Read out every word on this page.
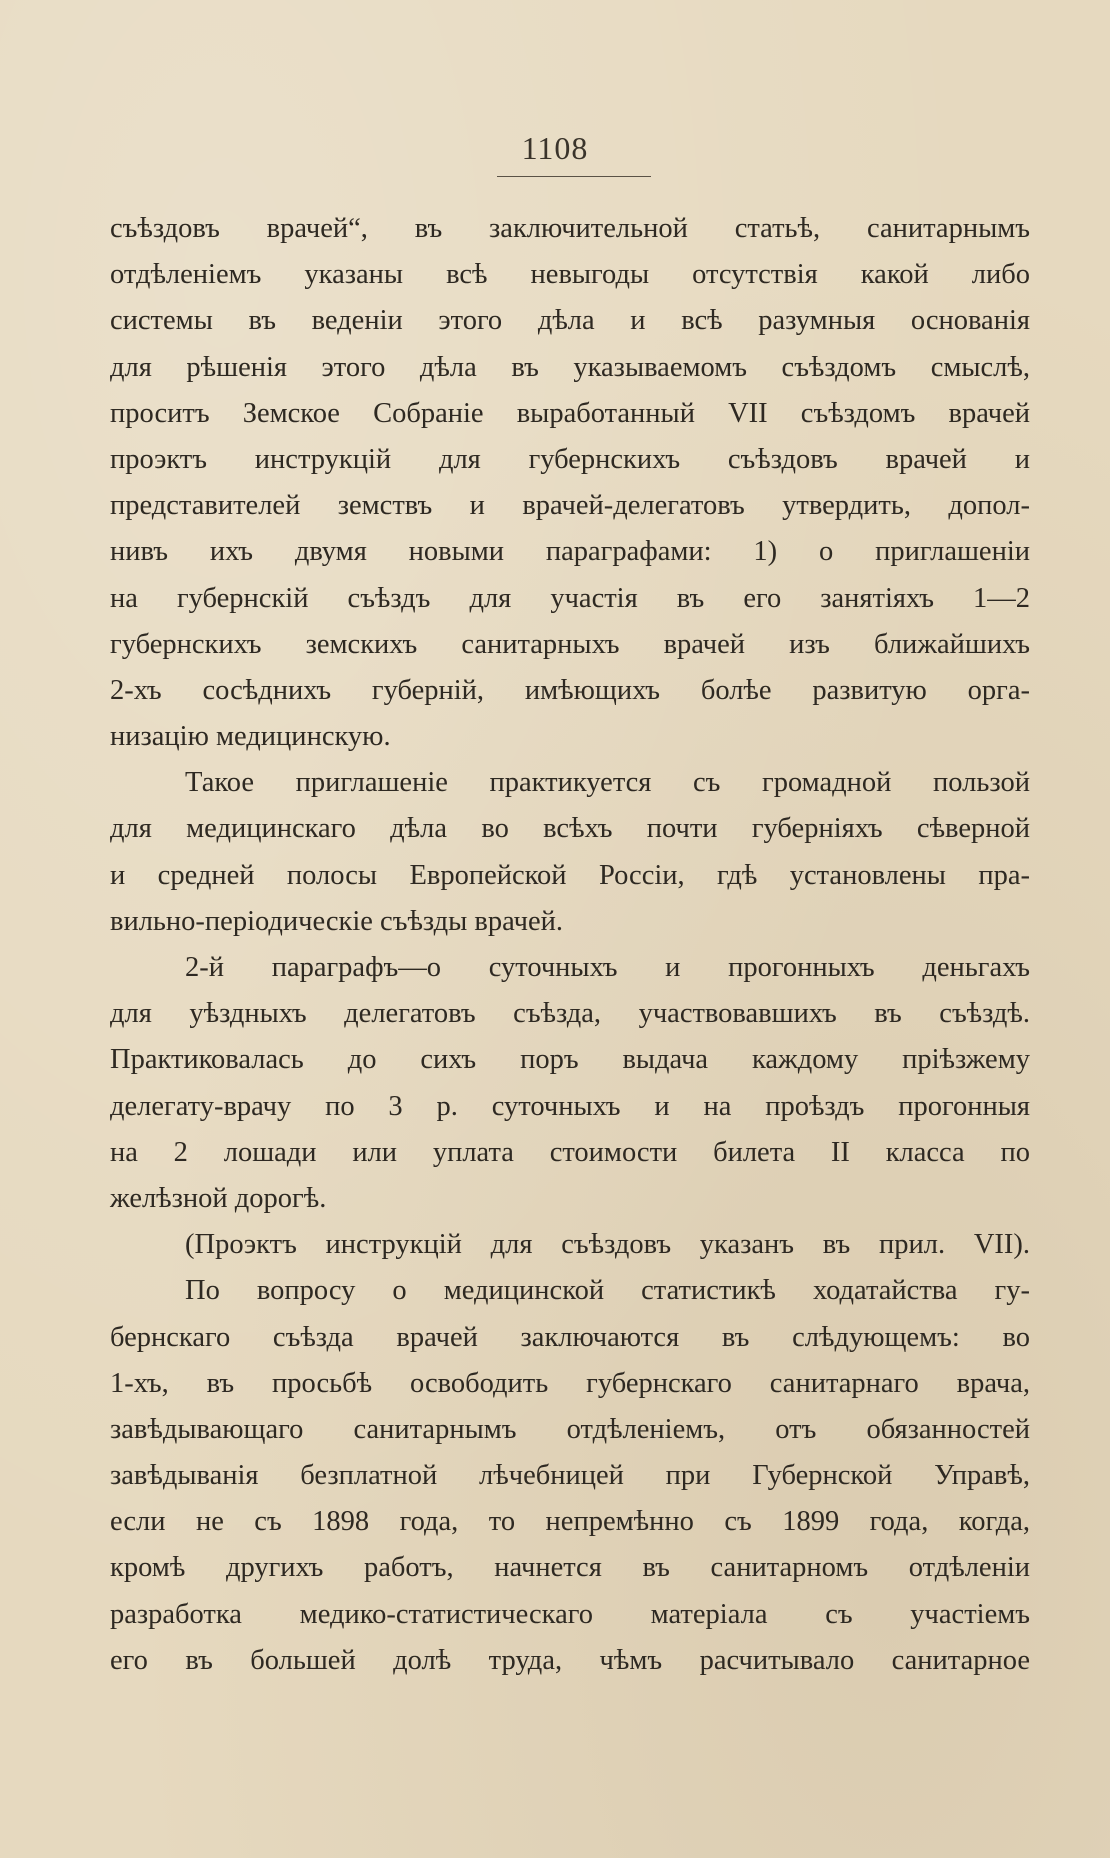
1108
съѣздовъ врачей“, въ заключительной статьѣ, санитарнымъ
отдѣленіемъ указаны всѣ невыгоды отсутствія какой либо
системы въ веденіи этого дѣла и всѣ разумныя основанія
для рѣшенія этого дѣла въ указываемомъ съѣздомъ смыслѣ,
проситъ Земское Собраніе выработанный VII съѣздомъ врачей
проэктъ инструкцій для губернскихъ съѣздовъ врачей и
представителей земствъ и врачей-делегатовъ утвердить, допол-
нивъ ихъ двумя новыми параграфами: 1) о приглашеніи
на губернскій съѣздъ для участія въ его занятіяхъ 1—2
губернскихъ земскихъ санитарныхъ врачей изъ ближайшихъ
2-хъ сосѣднихъ губерній, имѣющихъ болѣе развитую орга-
низацію медицинскую.
Такое приглашеніе практикуется съ громадной пользой
для медицинскаго дѣла во всѣхъ почти губерніяхъ сѣверной
и средней полосы Европейской Россіи, гдѣ установлены пра-
вильно-періодическіе съѣзды врачей.
2-й параграфъ—о суточныхъ и прогонныхъ деньгахъ
для уѣздныхъ делегатовъ съѣзда, участвовавшихъ въ съѣздѣ.
Практиковалась до сихъ поръ выдача каждому пріѣзжему
делегату-врачу по 3 р. суточныхъ и на проѣздъ прогонныя
на 2 лошади или уплата стоимости билета II класса по
желѣзной дорогѣ.
(Проэктъ инструкцій для съѣздовъ указанъ въ прил. VII).
По вопросу о медицинской статистикѣ ходатайства гу-
бернскаго съѣзда врачей заключаются въ слѣдующемъ: во
1-хъ, въ просьбѣ освободить губернскаго санитарнаго врача,
завѣдывающаго санитарнымъ отдѣленіемъ, отъ обязанностей
завѣдыванія безплатной лѣчебницей при Губернской Управѣ,
если не съ 1898 года, то непремѣнно съ 1899 года, когда,
кромѣ другихъ работъ, начнется въ санитарномъ отдѣленіи
разработка медико-статистическаго матеріала съ участіемъ
его въ большей долѣ труда, чѣмъ расчитывало санитарное
